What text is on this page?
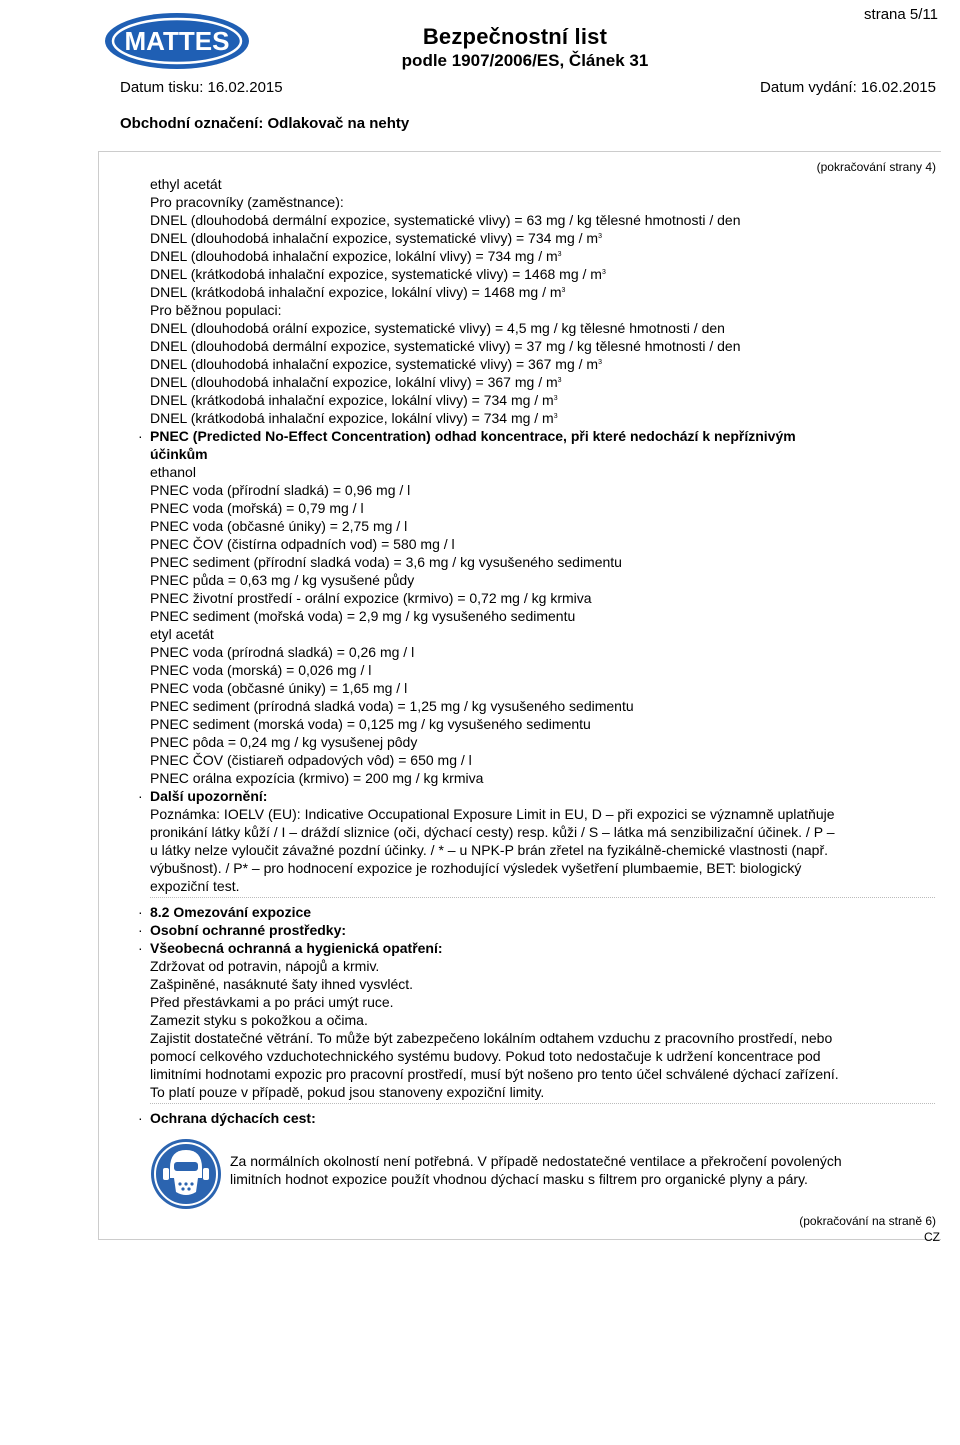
MATTES	Bezpečnostní list
podle 1907/2006/ES, Článek 31
strana 5/11
Datum tisku: 16.02.2015	Datum vydání: 16.02.2015
Obchodní označení: Odlakovač na nehty
(pokračování strany 4)
ethyl acetát
Pro pracovníky (zaměstnance):
DNEL (dlouhodobá dermální expozice, systematické vlivy) = 63 mg / kg tělesné hmotnosti / den
DNEL (dlouhodobá inhalační expozice, systematické vlivy) = 734 mg / $m^3$
DNEL (dlouhodobá inhalační expozice, lokální vlivy) = 734 mg / $m^3$
DNEL (krátkodobá inhalační expozice, systematické vlivy) = 1468 mg / $m^3$
DNEL (krátkodobá inhalační expozice, lokální vlivy) = 1468 mg / $m^3$
Pro běžnou populaci:
DNEL (dlouhodobá orální expozice, systematické vlivy) = 4,5 mg / kg tělesné hmotnosti / den
DNEL (dlouhodobá dermální expozice, systematické vlivy) = 37 mg / kg tělesné hmotnosti / den
DNEL (dlouhodobá inhalační expozice, systematické vlivy) = 367 mg / $m^3$
DNEL (dlouhodobá inhalační expozice, lokální vlivy) = 367 mg / $m^3$
DNEL (krátkodobá inhalační expozice, lokální vlivy) = 734 mg / $m^3$
DNEL (krátkodobá inhalační expozice, lokální vlivy) = 734 mg / $m^3$
· PNEC (Predicted No-Effect Concentration) odhad koncentrace, při které nedochází k nepříznivým
účinkům
ethanol
PNEC voda (přírodní sladká) = 0,96 mg / l
PNEC voda (mořská) = 0,79 mg / l
PNEC voda (občasné úniky) = 2,75 mg / l
PNEC ČOV (čistírna odpadních vod) = 580 mg / l
PNEC sediment (přírodní sladká voda) = 3,6 mg / kg vysušeného sedimentu
PNEC půda = 0,63 mg / kg vysušené půdy
PNEC životní prostředí - orální expozice (krmivo) = 0,72 mg / kg krmiva
PNEC sediment (mořská voda) = 2,9 mg / kg vysušeného sedimentu
etyl acetát
PNEC voda (prírodná sladká) = 0,26 mg / l
PNEC voda (morská) = 0,026 mg / l
PNEC voda (občasné úniky) = 1,65 mg / l
PNEC sediment (prírodná sladká voda) = 1,25 mg / kg vysušeného sedimentu
PNEC sediment (morská voda) = 0,125 mg / kg vysušeného sedimentu
PNEC pôda = 0,24 mg / kg vysušenej pôdy
PNEC ČOV (čistiareň odpadových vôd) = 650 mg / l
PNEC orálna expozícia (krmivo) = 200 mg / kg krmiva
· Další upozornění:
Poznámka: IOELV (EU): Indicative Occupational Exposure Limit in EU, D – při expozici se významně uplatňuje
pronikání látky kůží / I – dráždí sliznice (oči, dýchací cesty) resp. kůži / S – látka má senzibilizační účinek. / P –
u látky nelze vyloučit závažné pozdní účinky. / * – u NPK-P brán zřetel na fyzikálně-chemické vlastnosti (např.
výbušnost). / P* – pro hodnocení expozice je rozhodující výsledek vyšetření plumbaemie, BET: biologický
expoziční test.
· 8.2 Omezování expozice
· Osobní ochranné prostředky:
· Všeobecná ochranná a hygienická opatření:
Zdržovat od potravin, nápojů a krmiv.
Zašpiněné, nasáknuté šaty ihned vysvléct.
Před přestávkami a po práci umýt ruce.
Zamezit styku s pokožkou a očima.
Zajistit dostatečné větrání. To může být zabezpečeno lokálním odtahem vzduchu z pracovního prostředí, nebo
pomocí celkového vzduchotechnického systému budovy. Pokud toto nedostačuje k udržení koncentrace pod
limitními hodnotami expozic pro pracovní prostředí, musí být nošeno pro tento účel schválené dýchací zařízení.
To platí pouze v případě, pokud jsou stanoveny expoziční limity.
· Ochrana dýchacích cest:
Za normálních okolností není potřebná. V případě nedostatečné ventilace a překročení povolených
limitních hodnot expozice použít vhodnou dýchací masku s filtrem pro organické plyny a páry.
(pokračování na straně 6)
CZ
